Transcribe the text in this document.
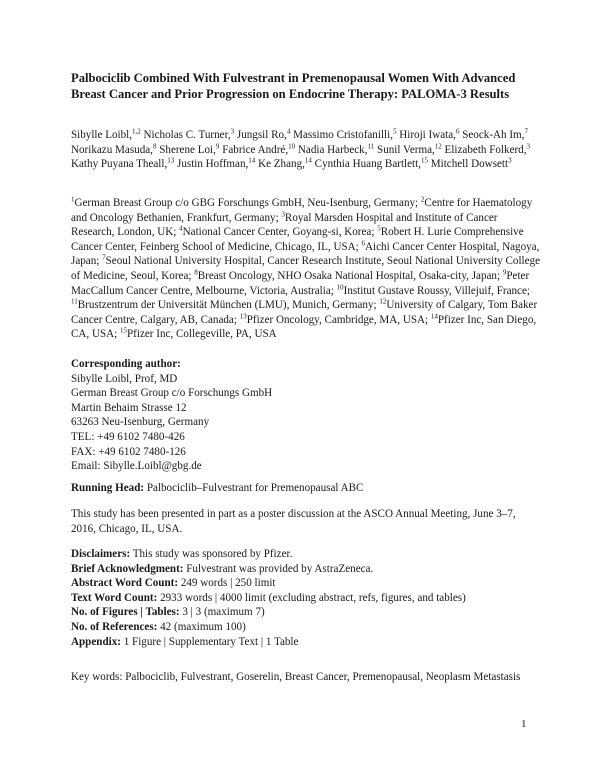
Palbociclib Combined With Fulvestrant in Premenopausal Women With Advanced Breast Cancer and Prior Progression on Endocrine Therapy: PALOMA-3 Results
Sibylle Loibl,$^{1,2}$ Nicholas C. Turner,$^3$ Jungsil Ro,$^4$ Massimo Cristofanilli,$^5$ Hiroji Iwata,$^6$ Seock-Ah Im,$^7$ Norikazu Masuda,$^8$ Sherene Loi,$^9$ Fabrice André,$^{10}$ Nadia Harbeck,$^{11}$ Sunil Verma,$^{12}$ Elizabeth Folkerd,$^3$ Kathy Puyana Theall,$^{13}$ Justin Hoffman,$^{14}$ Ke Zhang,$^{14}$ Cynthia Huang Bartlett,$^{15}$ Mitchell Dowsett$^3$
$^1$German Breast Group c/o GBG Forschungs GmbH, Neu-Isenburg, Germany; $^2$Centre for Haematology and Oncology Bethanien, Frankfurt, Germany; $^3$Royal Marsden Hospital and Institute of Cancer Research, London, UK; $^4$National Cancer Center, Goyang-si, Korea; $^5$Robert H. Lurie Comprehensive Cancer Center, Feinberg School of Medicine, Chicago, IL, USA; $^6$Aichi Cancer Center Hospital, Nagoya, Japan; $^7$Seoul National University Hospital, Cancer Research Institute, Seoul National University College of Medicine, Seoul, Korea; $^8$Breast Oncology, NHO Osaka National Hospital, Osaka-city, Japan; $^9$Peter MacCallum Cancer Centre, Melbourne, Victoria, Australia; $^{10}$Institut Gustave Roussy, Villejuif, France; $^{11}$Brustzentrum der Universität München (LMU), Munich, Germany; $^{12}$University of Calgary, Tom Baker Cancer Centre, Calgary, AB, Canada; $^{13}$Pfizer Oncology, Cambridge, MA, USA; $^{14}$Pfizer Inc, San Diego, CA, USA; $^{15}$Pfizer Inc, Collegeville, PA, USA
Corresponding author:
Sibylle Loibl, Prof, MD
German Breast Group c/o Forschungs GmbH
Martin Behaim Strasse 12
63263 Neu-Isenburg, Germany
TEL: +49 6102 7480-426
FAX: +49 6102 7480-126
Email: Sibylle.Loibl@gbg.de
Running Head: Palbociclib–Fulvestrant for Premenopausal ABC
This study has been presented in part as a poster discussion at the ASCO Annual Meeting, June 3–7, 2016, Chicago, IL, USA.
Disclaimers: This study was sponsored by Pfizer.
Brief Acknowledgment: Fulvestrant was provided by AstraZeneca.
Abstract Word Count: 249 words | 250 limit
Text Word Count: 2933 words | 4000 limit (excluding abstract, refs, figures, and tables)
No. of Figures | Tables: 3 | 3 (maximum 7)
No. of References: 42 (maximum 100)
Appendix: 1 Figure | Supplementary Text | 1 Table
Key words: Palbociclib, Fulvestrant, Goserelin, Breast Cancer, Premenopausal, Neoplasm Metastasis
1
